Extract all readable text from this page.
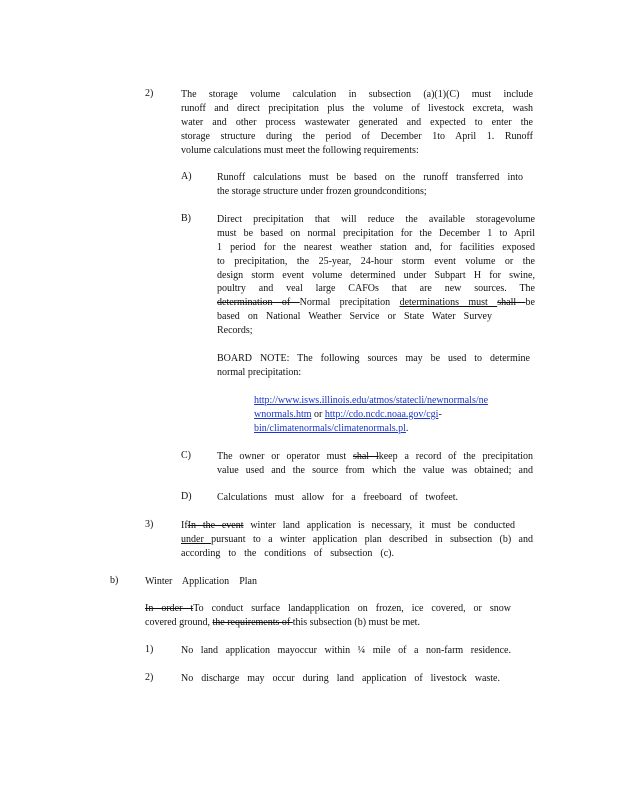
2)	The storage volume calculation in subsection (a)(1)(C) must include
runoff and direct precipitation plus the volume of livestock excreta, wash
water and other process wastewater generated and expected to enter the
storage structure during the period of December 1to April 1. Runoff
volume calculations must meet the following requirements:
A)	Runoff calculations must be based on the runoff transferred into
the storage structure under frozen groundconditions;
B)	Direct precipitation that will reduce the available storagevolume
must be based on normal precipitation for the December 1 to April
1 period for the nearest weather station and, for facilities exposed
to precipitation, the 25-year, 24-hour storm event volume or the
design storm event volume determined under Subpart H for swine,
poultry and veal large CAFOs that are new sources. The
determination of Normal precipitation determinations must shall be
based on National Weather Service or State Water Survey
Records;
BOARD NOTE: The following sources may be used to determine
normal precipitation:
http://www.isws.illinois.edu/atmos/statecli/newnormals/ne
wnormals.htm or http://cdo.ncdc.noaa.gov/cgi-
bin/climatenormals/climatenormals.pl.
C)	The owner or operator must shal lkeep a record of the precipitation
value used and the source from which the value was obtained; and
D)	Calculations must allow for a freeboard of twofeet.
3)	IfIn the event winter land application is necessary, it must be conducted
under pursuant to a winter application plan described in subsection (b) and
according to the conditions of subsection (c).
b)	Winter Application Plan
In order tTo conduct surface landapplication on frozen, ice covered, or snow
covered ground, the requirements of this subsection (b) must be met.
1)	No land application mayoccur within ¼ mile of a non-farm residence.
2)	No discharge may occur during land application of livestock waste.
